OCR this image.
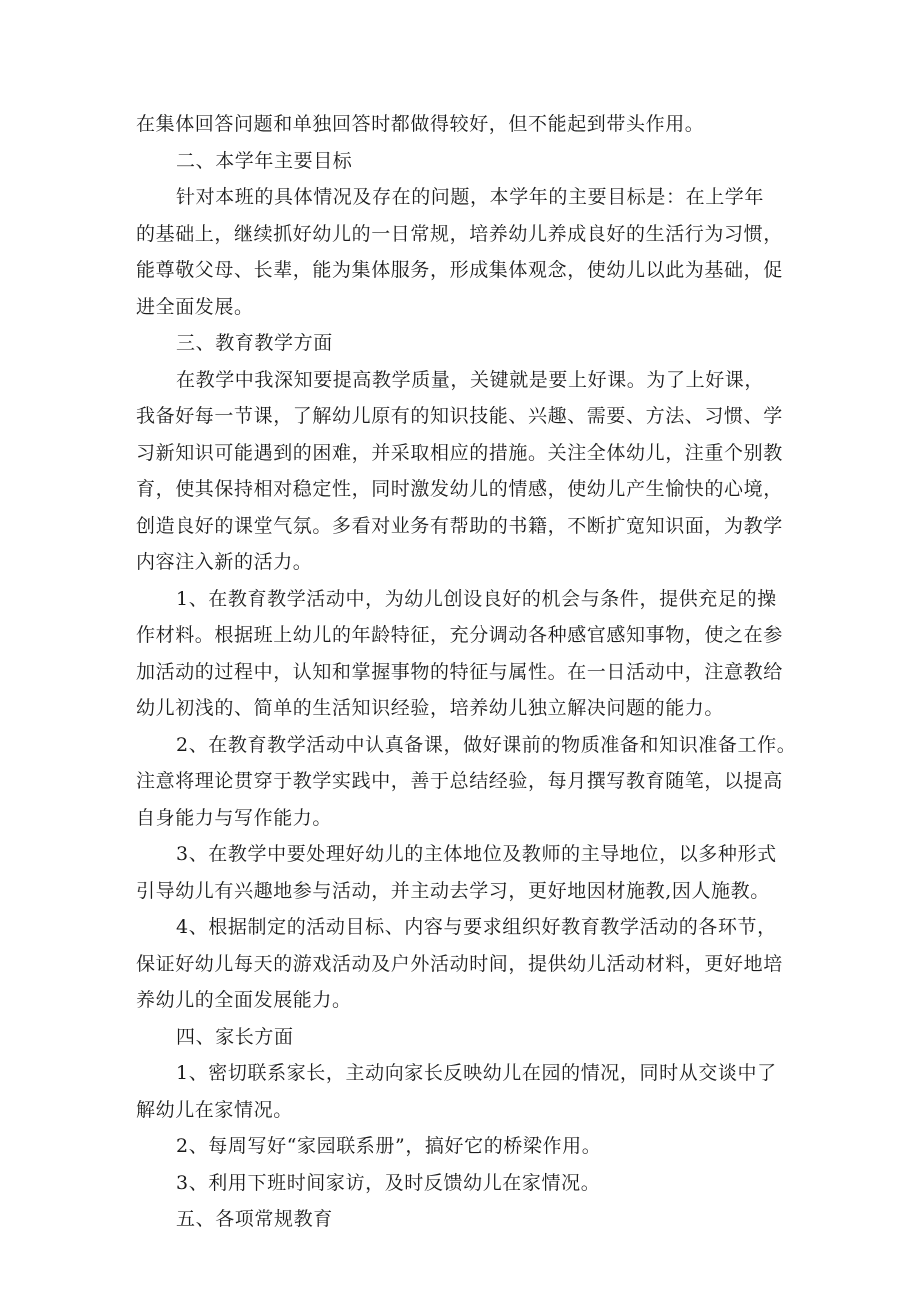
在集体回答问题和单独回答时都做得较好，但不能起到带头作用。
二、本学年主要目标
针对本班的具体情况及存在的问题，本学年的主要目标是：在上学年
的基础上，继续抓好幼儿的一日常规，培养幼儿养成良好的生活行为习惯，
能尊敬父母、长辈，能为集体服务，形成集体观念，使幼儿以此为基础，促
进全面发展。
三、教育教学方面
在教学中我深知要提高教学质量，关键就是要上好课。为了上好课，
我备好每一节课，了解幼儿原有的知识技能、兴趣、需要、方法、习惯、学
习新知识可能遇到的困难，并采取相应的措施。关注全体幼儿，注重个别教
育，使其保持相对稳定性，同时激发幼儿的情感，使幼儿产生愉快的心境，
创造良好的课堂气氛。多看对业务有帮助的书籍，不断扩宽知识面，为教学
内容注入新的活力。
1、在教育教学活动中，为幼儿创设良好的机会与条件，提供充足的操
作材料。根据班上幼儿的年龄特征，充分调动各种感官感知事物，使之在参
加活动的过程中，认知和掌握事物的特征与属性。在一日活动中，注意教给
幼儿初浅的、简单的生活知识经验，培养幼儿独立解决问题的能力。
2、在教育教学活动中认真备课，做好课前的物质准备和知识准备工作。
注意将理论贯穿于教学实践中，善于总结经验，每月撰写教育随笔，以提高
自身能力与写作能力。
3、在教学中要处理好幼儿的主体地位及教师的主导地位，以多种形式
引导幼儿有兴趣地参与活动，并主动去学习，更好地因材施教,因人施教。
4、根据制定的活动目标、内容与要求组织好教育教学活动的各环节，
保证好幼儿每天的游戏活动及户外活动时间，提供幼儿活动材料，更好地培
养幼儿的全面发展能力。
四、家长方面
1、密切联系家长，主动向家长反映幼儿在园的情况，同时从交谈中了
解幼儿在家情况。
2、每周写好“家园联系册”，搞好它的桥梁作用。
3、利用下班时间家访，及时反馈幼儿在家情况。
五、各项常规教育
